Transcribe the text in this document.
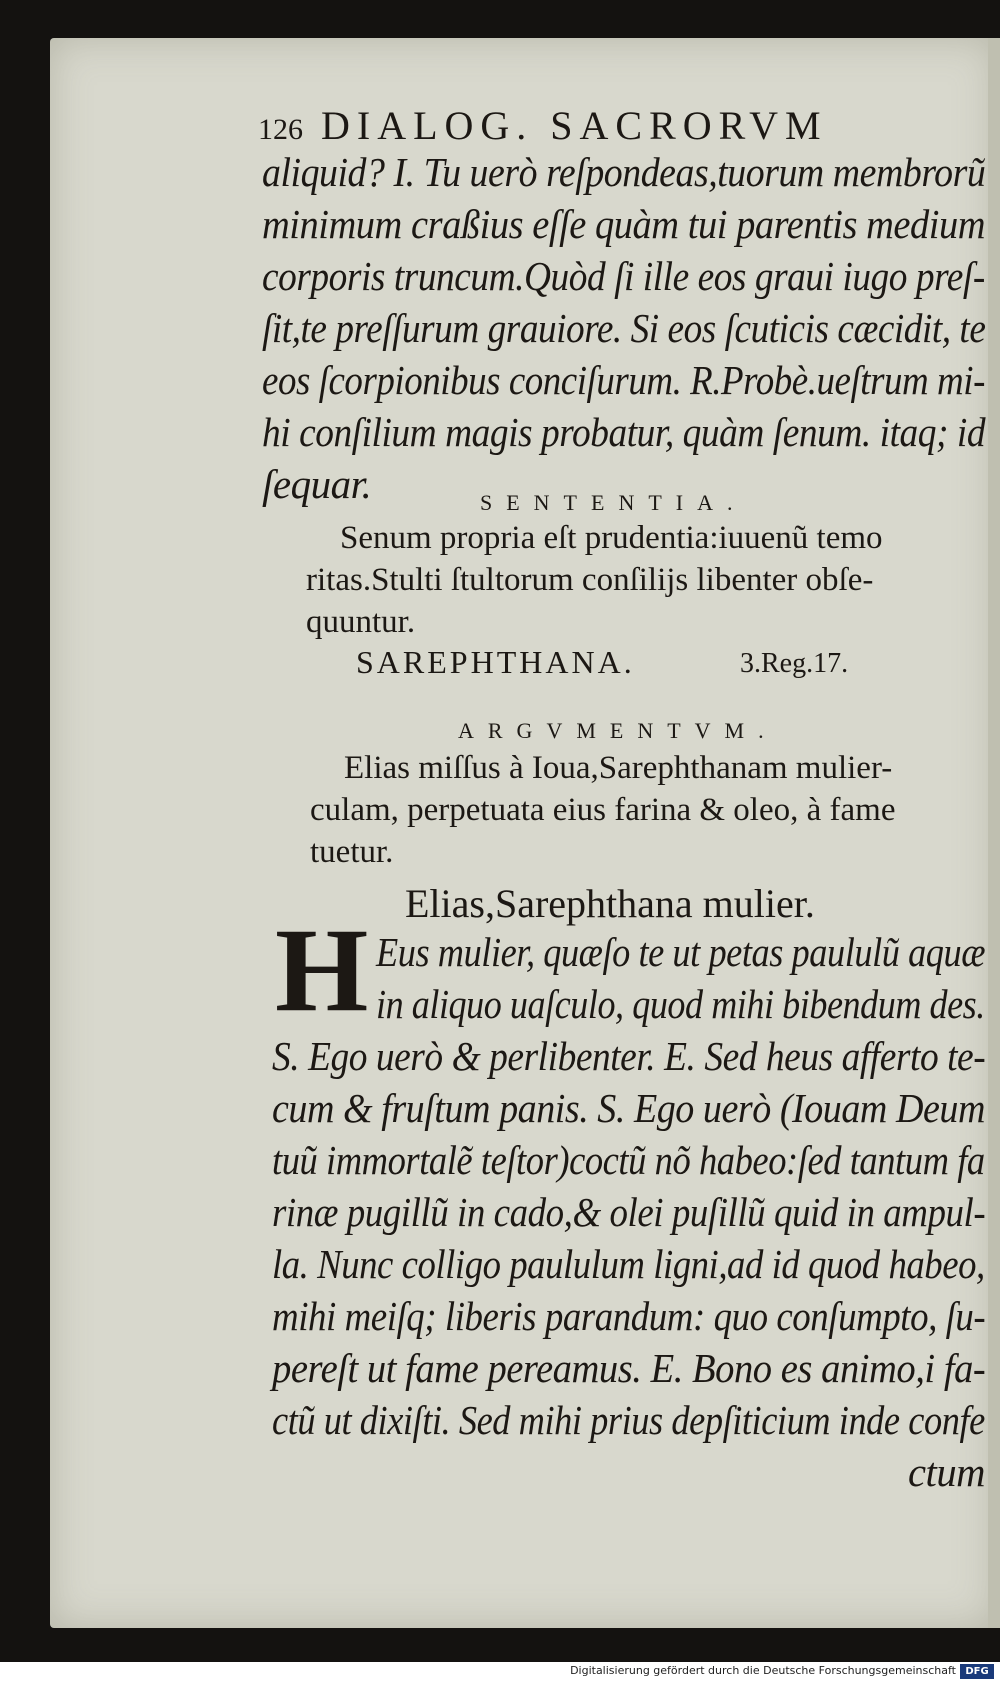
126 DIALOG. SACRORVM
aliquid? I. Tu uerò reſpondeas,tuorum membrorũ
minimum craßius eſſe quàm tui parentis medium
corporis truncum.Quòd ſi ille eos graui iugo preſ-
ſit,te preſſurum grauiore. Si eos ſcuticis cæcidit, te
eos ſcorpionibus conciſurum. R.Probè.ueſtrum mi-
hi conſilium magis probatur, quàm ſenum. itaq; id
ſequar.	SENTENTIA.
Senum propria eſt prudentia:iuuenũ temo
ritas.Stulti ſtultorum conſilijs libenter obſe-
quuntur.
SAREPHTHANA.	3.Reg.17.
ARGVMENTVM.
Elias miſſus à Ioua,Sarephthanam mulier-
culam, perpetuata eius farina & oleo, à fame
tuetur.
Elias,Sarephthana mulier.
H Eus mulier, quæſo te ut petas paululũ aquæ
in aliquo uaſculo, quod mihi bibendum des.
S. Ego uerò & perlibenter. E. Sed heus afferto te-
cum & fruſtum panis. S. Ego uerò (Iouam Deum
tuũ immortalẽ teſtor)coctũ nõ habeo:ſed tantum fa
rinæ pugillũ in cado,& olei puſillũ quid in ampul-
la. Nunc colligo paululum ligni,ad id quod habeo,
mihi meiſq; liberis parandum: quo conſumpto, ſu-
pereſt ut fame pereamus. E. Bono es animo,i fa-
ctũ ut dixiſti. Sed mihi prius depſiticium inde confe
ctum
Digitalisierung gefördert durch die Deutsche Forschungsgemeinschaft DFG
